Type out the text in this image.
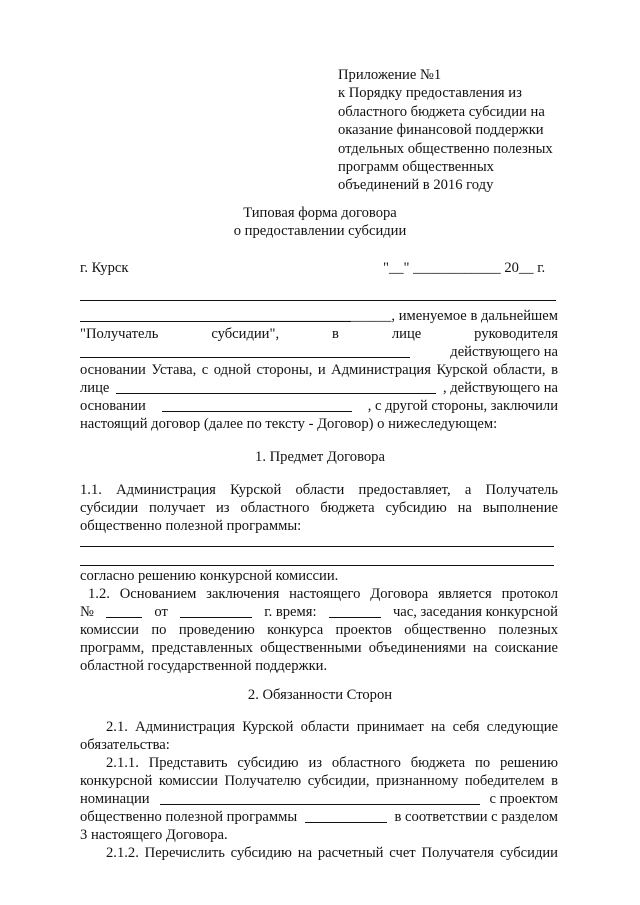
Приложение №1
к Порядку предоставления из
областного бюджета субсидии на
оказание финансовой поддержки
отдельных общественно полезных
программ общественных
объединений в 2016 году
Типовая форма договора
о предоставлении субсидии
г. Курск	"__" ____________ 20__ г.
______________________, именуемое в дальнейшем
"Получатель	субсидии",	в	лице	руководителя
действующего на
основании Устава, с одной стороны, и Администрация Курской области, в
лице	, действующего на
основании	, с другой стороны, заключили
настоящий договор (далее по тексту - Договор) о нижеследующем:
1. Предмет Договора
1.1. Администрация Курской области предоставляет, а Получатель
субсидии получает из областного бюджета субсидию на выполнение
общественно полезной программы:
согласно решению конкурсной комиссии.
1.2. Основанием заключения настоящего Договора является протокол
№	от	г. время:	час, заседания конкурсной
комиссии по проведению конкурса проектов общественно полезных
программ, представленных общественными объединениями на соискание
областной государственной поддержки.
2. Обязанности Сторон
2.1. Администрация Курской области принимает на себя следующие
обязательства:
2.1.1. Представить субсидию из областного бюджета по решению
конкурсной комиссии Получателю субсидии, признанному победителем в
номинации	с проектом
общественно полезной программы	в соответствии с разделом
3 настоящего Договора.
2.1.2. Перечислить субсидию на расчетный счет Получателя субсидии
